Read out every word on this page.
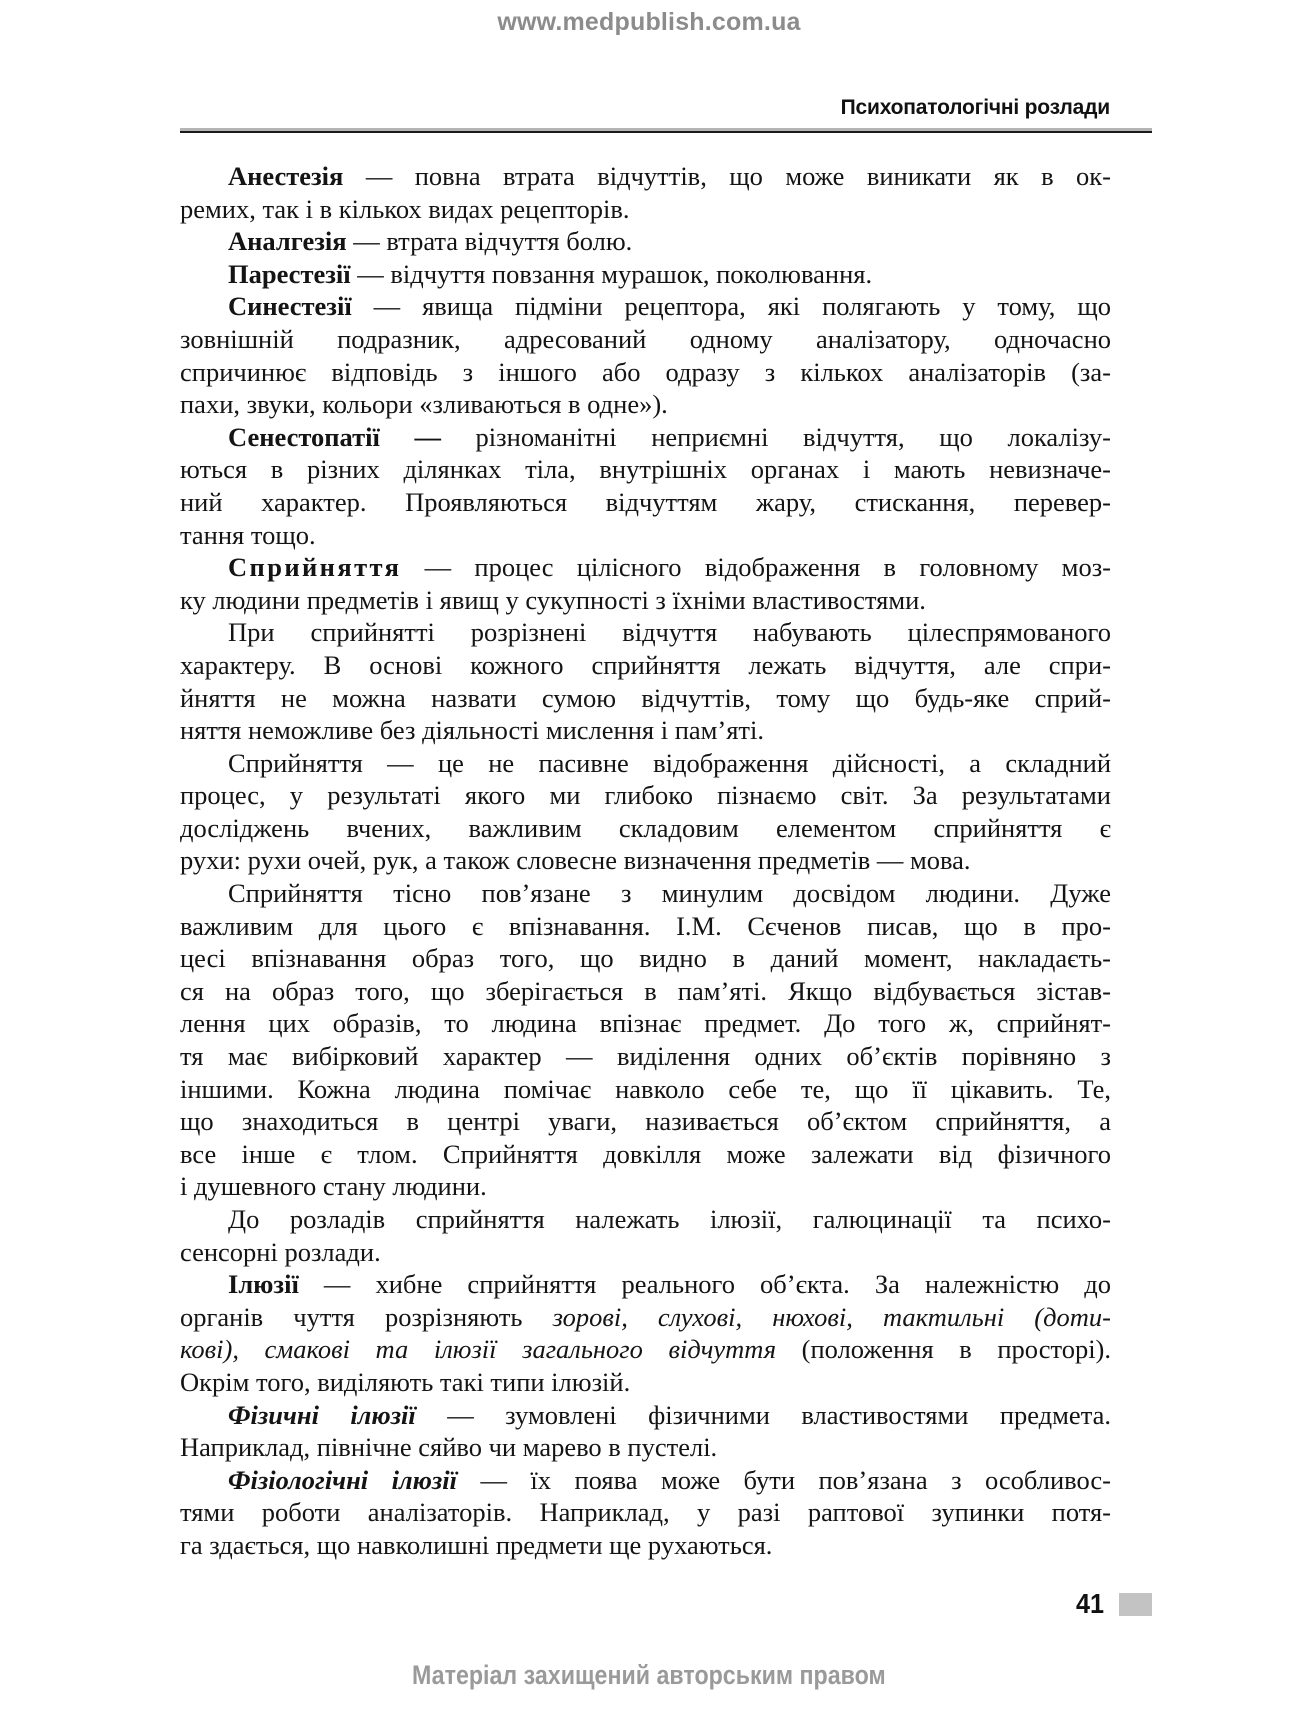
www.medpublish.com.ua
Психопатологічні розлади
Анестезія — повна втрата відчуттів, що може виникати як в ок-
ремих, так і в кількох видах рецепторів.
Аналгезія — втрата відчуття болю.
Парестезії — відчуття повзання мурашок, поколювання.
Синестезії — явища підміни рецептора, які полягають у тому, що
зовнішній подразник, адресований одному аналізатору, одночасно
спричинює відповідь з іншого або одразу з кількох аналізаторів (за-
пахи, звуки, кольори «зливаються в одне»).
Сенестопатії — різноманітні неприємні відчуття, що локалізу-
ються в різних ділянках тіла, внутрішніх органах і мають невизначе-
ний характер. Проявляються відчуттям жару, стискання, перевер-
тання тощо.
Сприйняття — процес цілісного відображення в головному моз-
ку людини предметів і явищ у сукупності з їхніми властивостями.
При сприйнятті розрізнені відчуття набувають цілеспрямованого
характеру. В основі кожного сприйняття лежать відчуття, але спри-
йняття не можна назвати сумою відчуттів, тому що будь-яке сприй-
няття неможливе без діяльності мислення і пам’яті.
Сприйняття — це не пасивне відображення дійсності, а складний
процес, у результаті якого ми глибоко пізнаємо світ. За результатами
досліджень вчених, важливим складовим елементом сприйняття є
рухи: рухи очей, рук, а також словесне визначення предметів — мова.
Сприйняття тісно пов’язане з минулим досвідом людини. Дуже
важливим для цього є впізнавання. І.М. Сєченов писав, що в про-
цесі впізнавання образ того, що видно в даний момент, накладаєть-
ся на образ того, що зберігається в пам’яті. Якщо відбувається зістав-
лення цих образів, то людина впізнає предмет. До того ж, сприйнят-
тя має вибірковий характер — виділення одних об’єктів порівняно з
іншими. Кожна людина помічає навколо себе те, що її цікавить. Те,
що знаходиться в центрі уваги, називається об’єктом сприйняття, а
все інше є тлом. Сприйняття довкілля може залежати від фізичного
і душевного стану людини.
До розладів сприйняття належать ілюзії, галюцинації та психо-
сенсорні розлади.
Ілюзії — хибне сприйняття реального об’єкта. За належністю до
органів чуття розрізняють зорові, слухові, нюхові, тактильні (доти-
кові), смакові та ілюзії загального відчуття (положення в просторі).
Окрім того, виділяють такі типи ілюзій.
Фізичні ілюзії — зумовлені фізичними властивостями предмета.
Наприклад, північне сяйво чи марево в пустелі.
Фізіологічні ілюзії — їх поява може бути пов’язана з особливос-
тями роботи аналізаторів. Наприклад, у разі раптової зупинки потя-
га здається, що навколишні предмети ще рухаються.
41
Матеріал захищений авторським правом
